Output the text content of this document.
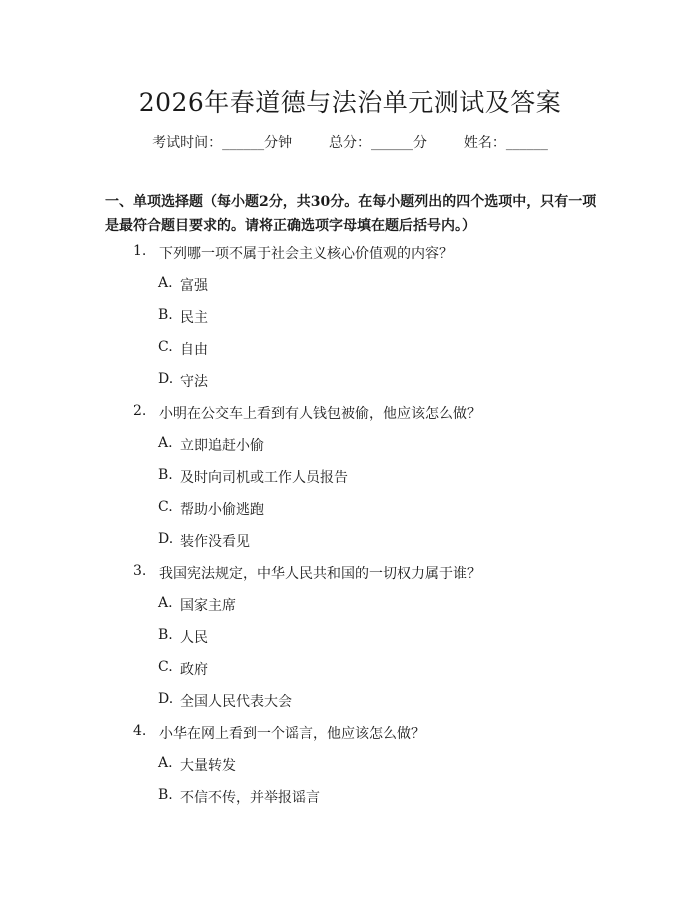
2026年春道德与法治单元测试及答案
考试时间：______分钟	总分：______分	姓名：______
一、单项选择题（每小题2分，共30分。在每小题列出的四个选项中，只有一项是最符合题目要求的。请将正确选项字母填在题后括号内。）
1. 下列哪一项不属于社会主义核心价值观的内容？
A. 富强
B. 民主
C. 自由
D. 守法
2. 小明在公交车上看到有人钱包被偷，他应该怎么做？
A. 立即追赶小偷
B. 及时向司机或工作人员报告
C. 帮助小偷逃跑
D. 装作没看见
3. 我国宪法规定，中华人民共和国的一切权力属于谁？
A. 国家主席
B. 人民
C. 政府
D. 全国人民代表大会
4. 小华在网上看到一个谣言，他应该怎么做？
A. 大量转发
B. 不信不传，并举报谣言
